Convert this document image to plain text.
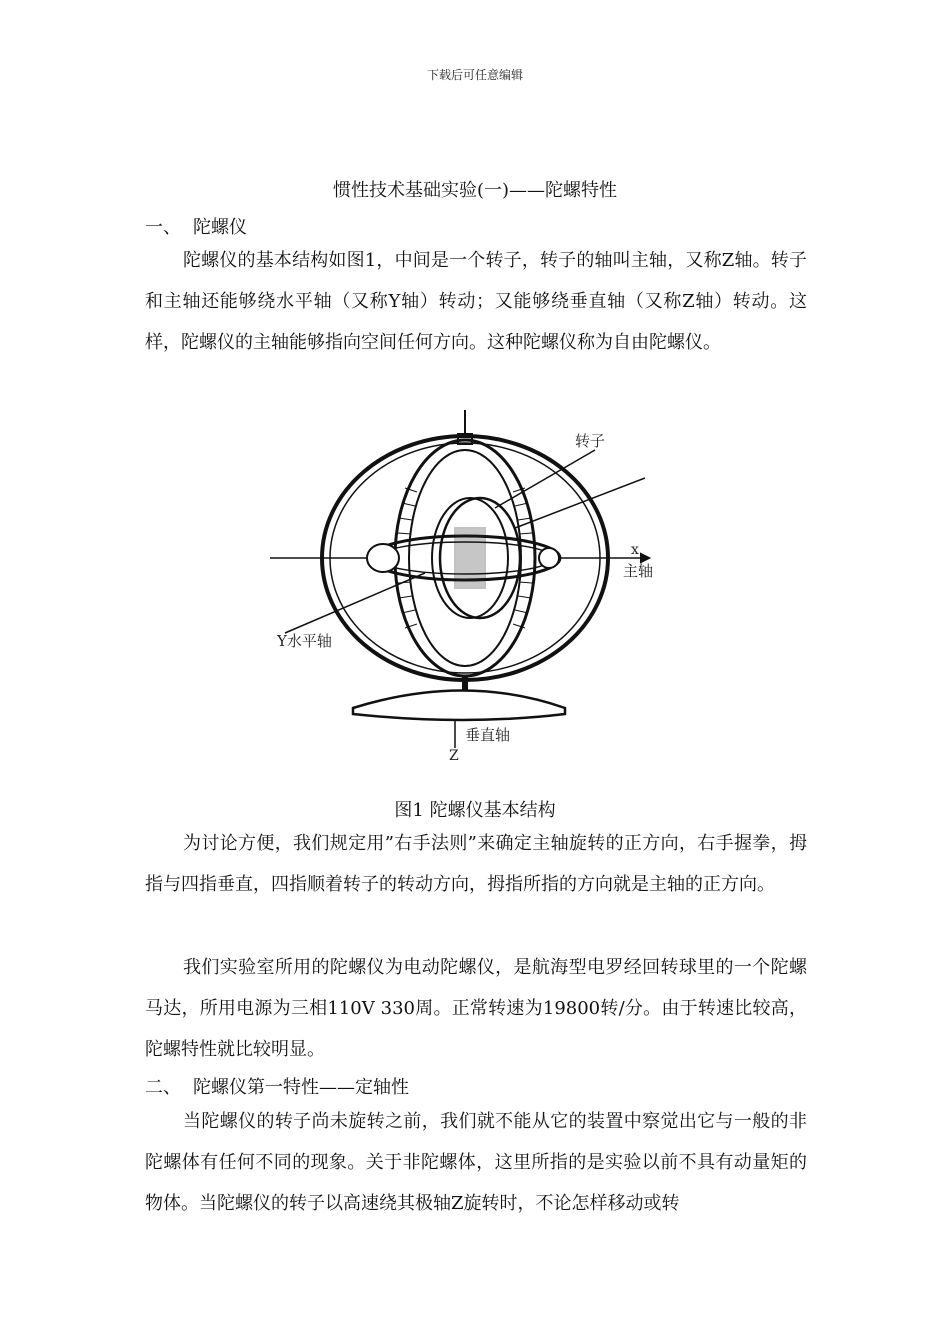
下载后可任意编辑
惯性技术基础实验(一)——陀螺特性
一、 陀螺仪

陀螺仪的基本结构如图1，中间是一个转子，转子的轴叫主轴，又称Z轴。转子和主轴还能够绕水平轴（又称Y轴）转动；又能够绕垂直轴（又称Z轴）转动。这样，陀螺仪的主轴能够指向空间任何方向。这种陀螺仪称为自由陀螺仪。

转子
x
主轴
Y水平轴
垂直轴
Z
图1 陀螺仪基本结构

为讨论方便，我们规定用”右手法则”来确定主轴旋转的正方向，右手握拳，拇指与四指垂直，四指顺着转子的转动方向，拇指所指的方向就是主轴的正方向。

我们实验室所用的陀螺仪为电动陀螺仪，是航海型电罗经回转球里的一个陀螺马达，所用电源为三相110V 330周。正常转速为19800转/分。由于转速比较高，陀螺特性就比较明显。

二、 陀螺仪第一特性——定轴性

当陀螺仪的转子尚未旋转之前，我们就不能从它的装置中察觉出它与一般的非陀螺体有任何不同的现象。关于非陀螺体，这里所指的是实验以前不具有动量矩的物体。当陀螺仪的转子以高速绕其极轴Z旋转时，不论怎样移动或转
